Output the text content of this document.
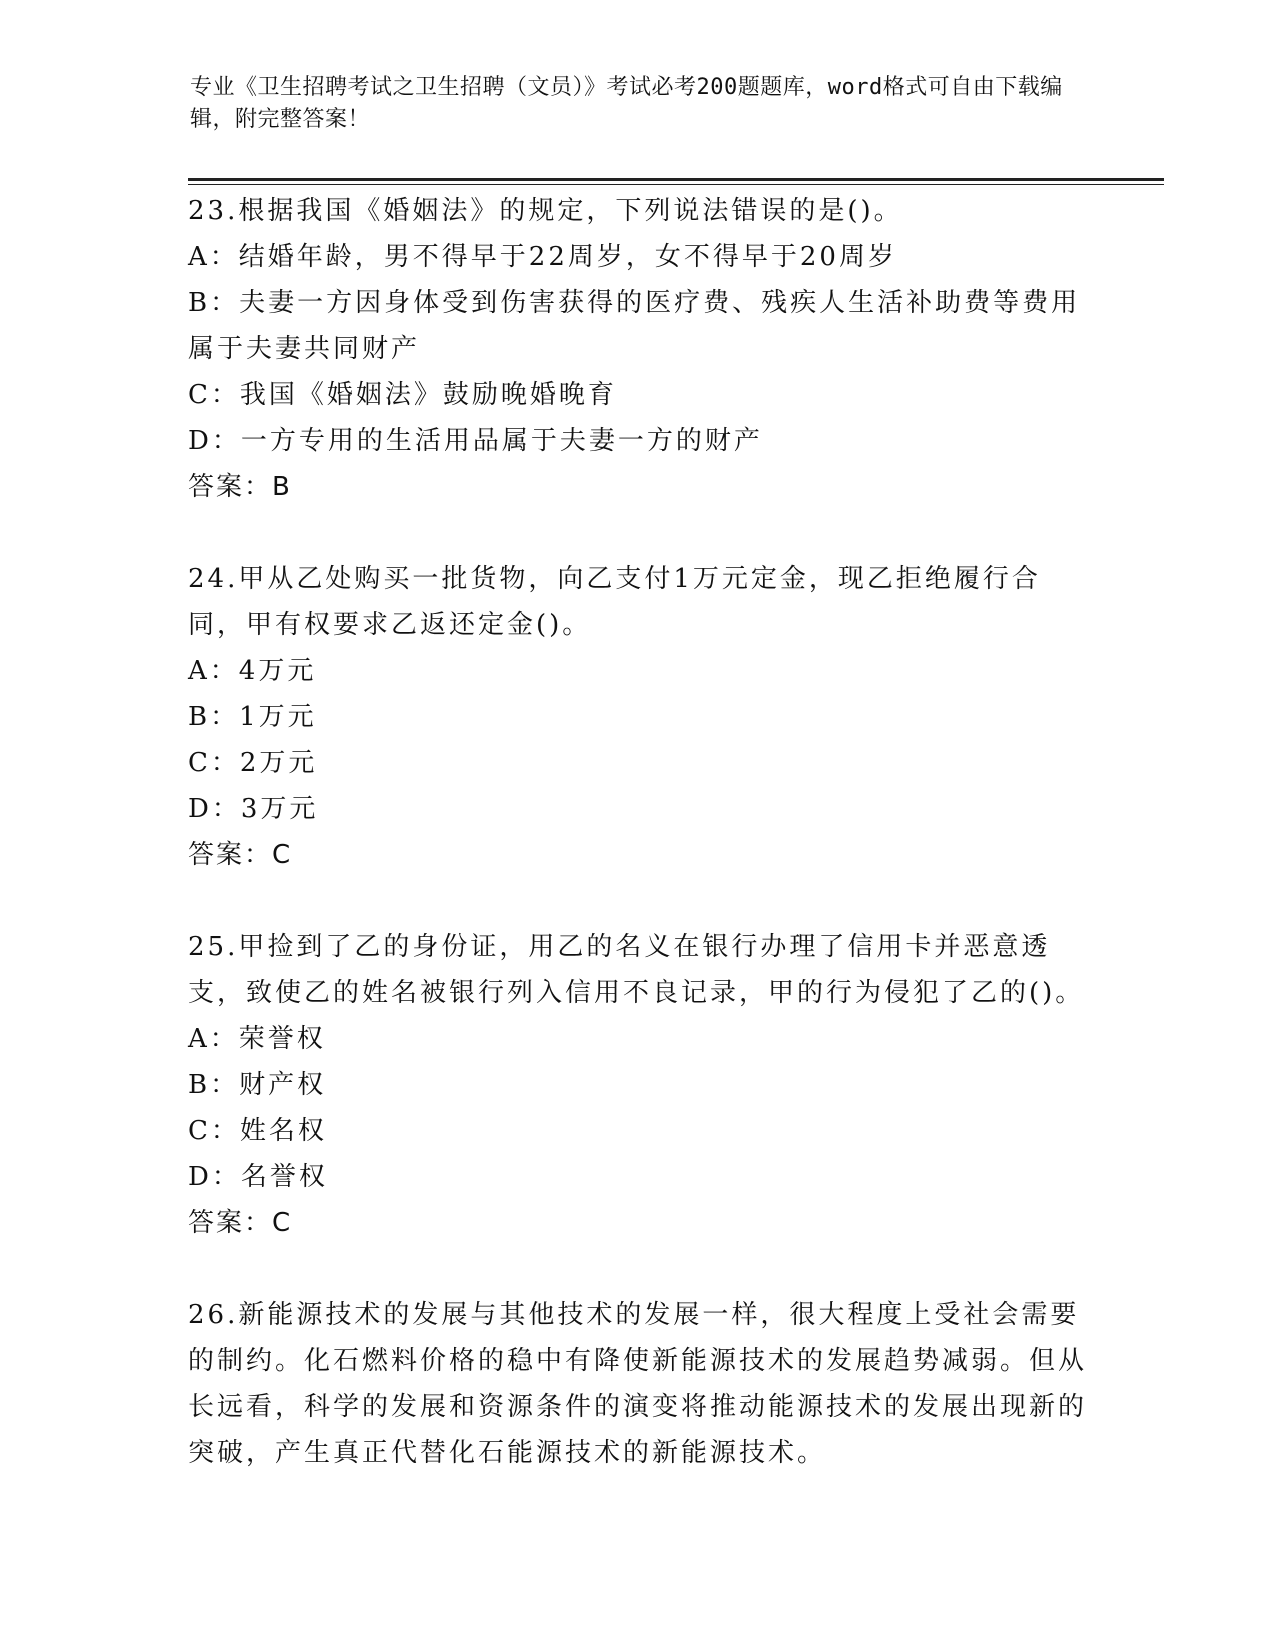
专业《卫生招聘考试之卫生招聘（文员）》考试必考200题题库，word格式可自由下载编辑，附完整答案！
23.根据我国《婚姻法》的规定，下列说法错误的是()。
A：结婚年龄，男不得早于22周岁，女不得早于20周岁
B：夫妻一方因身体受到伤害获得的医疗费、残疾人生活补助费等费用属于夫妻共同财产
C：我国《婚姻法》鼓励晚婚晚育
D：一方专用的生活用品属于夫妻一方的财产
答案：B
24.甲从乙处购买一批货物，向乙支付1万元定金，现乙拒绝履行合同，甲有权要求乙返还定金()。
A：4万元
B：1万元
C：2万元
D：3万元
答案：C
25.甲捡到了乙的身份证，用乙的名义在银行办理了信用卡并恶意透支，致使乙的姓名被银行列入信用不良记录，甲的行为侵犯了乙的()。
A：荣誉权
B：财产权
C：姓名权
D：名誉权
答案：C
26.新能源技术的发展与其他技术的发展一样，很大程度上受社会需要的制约。化石燃料价格的稳中有降使新能源技术的发展趋势减弱。但从长远看，科学的发展和资源条件的演变将推动能源技术的发展出现新的突破，产生真正代替化石能源技术的新能源技术。
